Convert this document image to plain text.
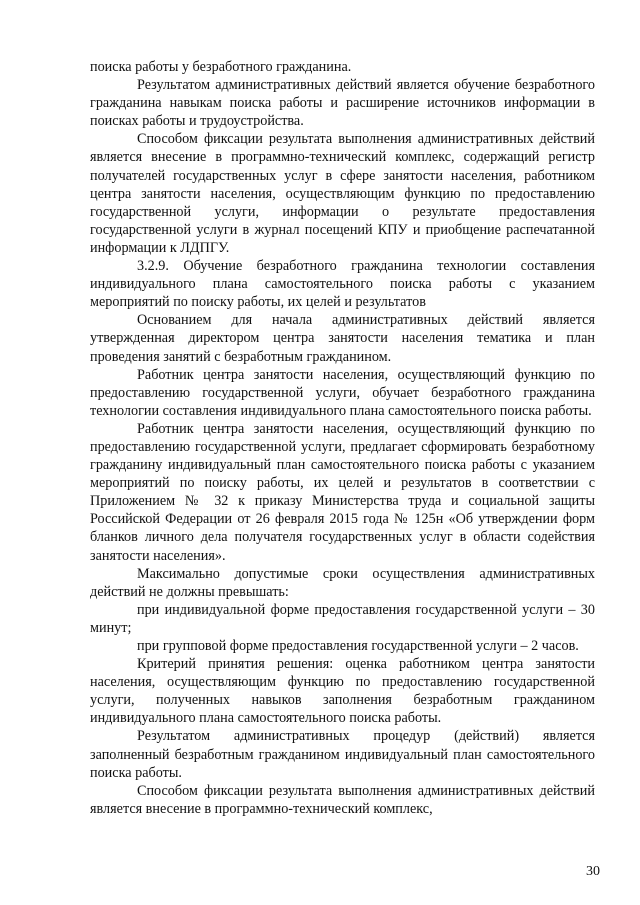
поиска работы у безработного гражданина.

Результатом административных действий является обучение безработного гражданина навыкам поиска работы и расширение источников информации в поисках работы и трудоустройства.

Способом фиксации результата выполнения административных действий является внесение в программно-технический комплекс, содержащий регистр получателей государственных услуг в сфере занятости населения, работником центра занятости населения, осуществляющим функцию по предоставлению государственной услуги, информации о результате предоставления государственной услуги в журнал посещений КПУ и приобщение распечатанной информации к ЛДПГУ.

3.2.9. Обучение безработного гражданина технологии составления индивидуального плана самостоятельного поиска работы с указанием мероприятий по поиску работы, их целей и результатов

Основанием для начала административных действий является утвержденная директором центра занятости населения тематика и план проведения занятий с безработным гражданином.

Работник центра занятости населения, осуществляющий функцию по предоставлению государственной услуги, обучает безработного гражданина технологии составления индивидуального плана самостоятельного поиска работы.

Работник центра занятости населения, осуществляющий функцию по предоставлению государственной услуги, предлагает сформировать безработному гражданину индивидуальный план самостоятельного поиска работы с указанием мероприятий по поиску работы, их целей и результатов в соответствии с Приложением № 32 к приказу Министерства труда и социальной защиты Российской Федерации от 26 февраля 2015 года № 125н «Об утверждении форм бланков личного дела получателя государственных услуг в области содействия занятости населения».

Максимально допустимые сроки осуществления административных действий не должны превышать:

при индивидуальной форме предоставления государственной услуги – 30 минут;

при групповой форме предоставления государственной услуги – 2 часов.

Критерий принятия решения: оценка работником центра занятости населения, осуществляющим функцию по предоставлению государственной услуги, полученных навыков заполнения безработным гражданином индивидуального плана самостоятельного поиска работы.

Результатом административных процедур (действий) является заполненный безработным гражданином индивидуальный план самостоятельного поиска работы.

Способом фиксации результата выполнения административных действий является внесение в программно-технический комплекс,

30
